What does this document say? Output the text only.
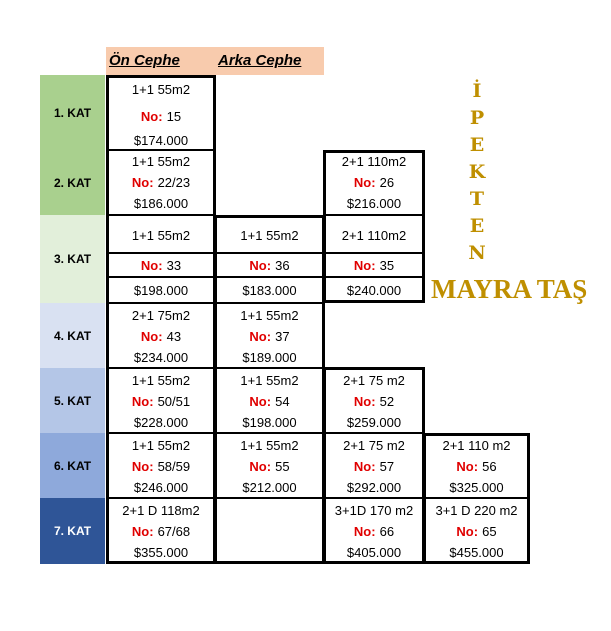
Ön Cephe	Arka Cephe
1. KAT
2. KAT
3. KAT
4. KAT
5. KAT
6. KAT
7. KAT
1+1 55m2
No: 15
$174.000
1+1 55m2
No: 22/23
$186.000
2+1 110m2
No: 26
$216.000
1+1 55m2
No: 33
$198.000
1+1 55m2
No: 36
$183.000
2+1 110m2
No: 35
$240.000
2+1 75m2
No: 43
$234.000
1+1 55m2
No: 37
$189.000
1+1 55m2
No: 50/51
$228.000
1+1 55m2
No: 54
$198.000
2+1 75 m2
No: 52
$259.000
1+1 55m2
No: 58/59
$246.000
1+1 55m2
No: 55
$212.000
2+1 75 m2
No: 57
$292.000
2+1 110 m2
No: 56
$325.000
2+1 D 118m2
No: 67/68
$355.000
3+1D 170 m2
No: 66
$405.000
3+1 D 220 m2
No: 65
$455.000
İ
P
E
K
T
E
N
MAYRA TAŞ
